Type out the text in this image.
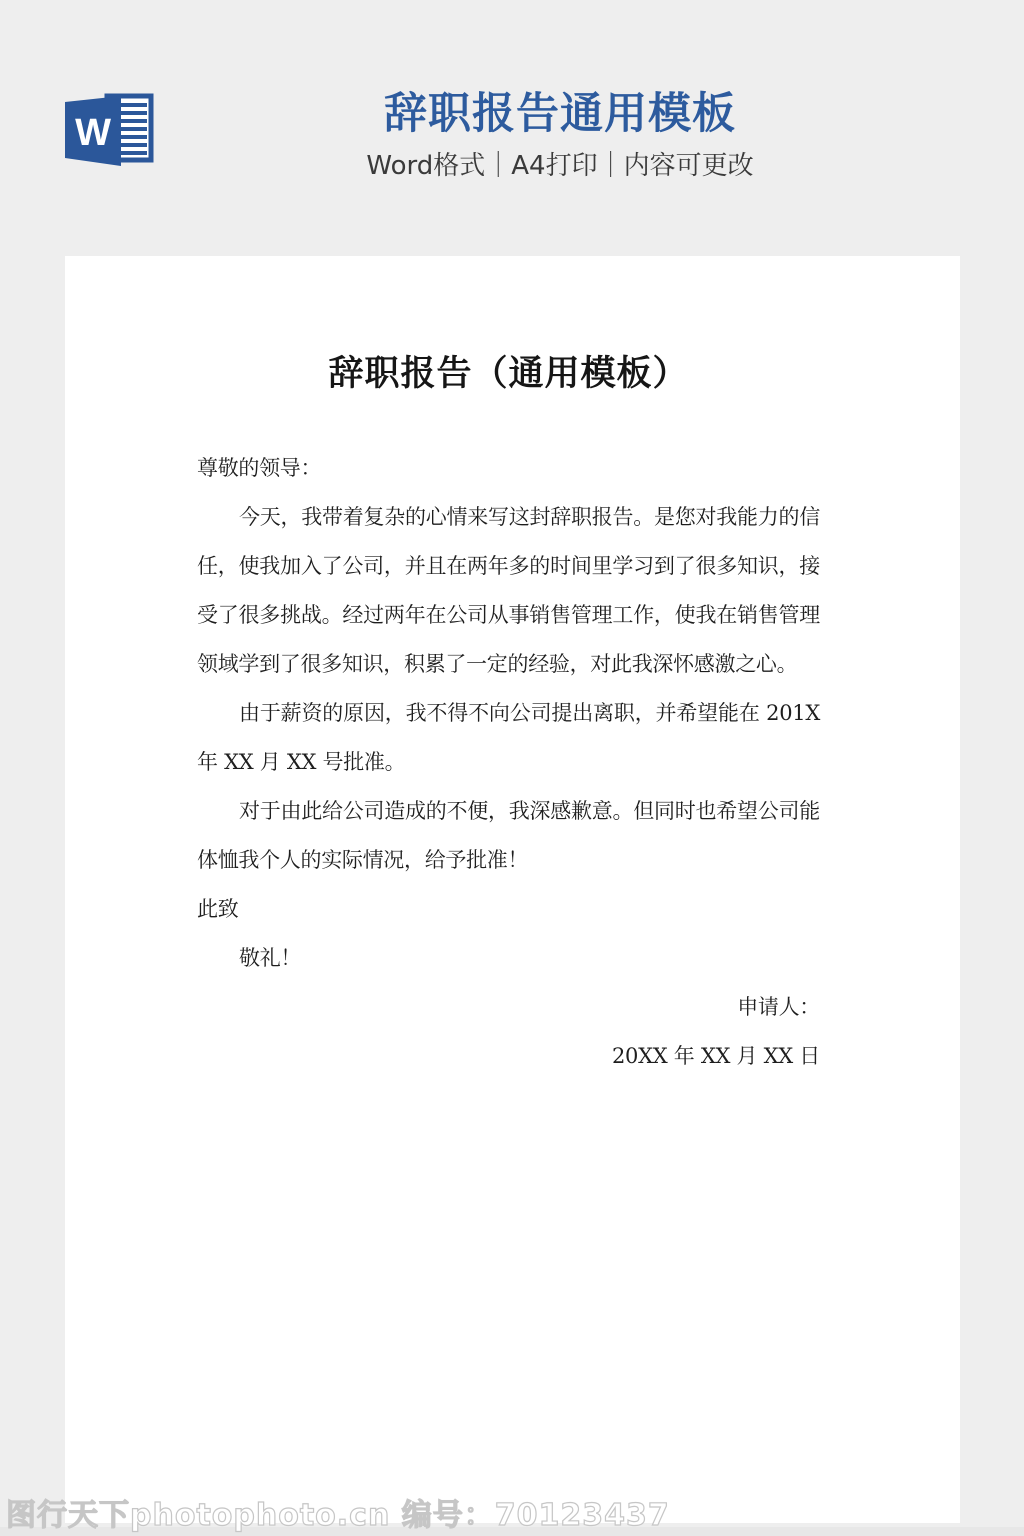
W	辞职报告通用模板
Word格式｜A4打印｜内容可更改
辞职报告（通用模板）

尊敬的领导：

今天，我带着复杂的心情来写这封辞职报告。是您对我能力的信任，使我加入了公司，并且在两年多的时间里学习到了很多知识，接受了很多挑战。经过两年在公司从事销售管理工作，使我在销售管理领域学到了很多知识，积累了一定的经验，对此我深怀感激之心。

由于薪资的原因，我不得不向公司提出离职，并希望能在 201X 年 XX 月 XX 号批准。

对于由此给公司造成的不便，我深感歉意。但同时也希望公司能体恤我个人的实际情况，给予批准！

此致

敬礼！

申请人：

20XX 年 XX 月 XX 日

图行天下photophoto.cn 编号：70123437
